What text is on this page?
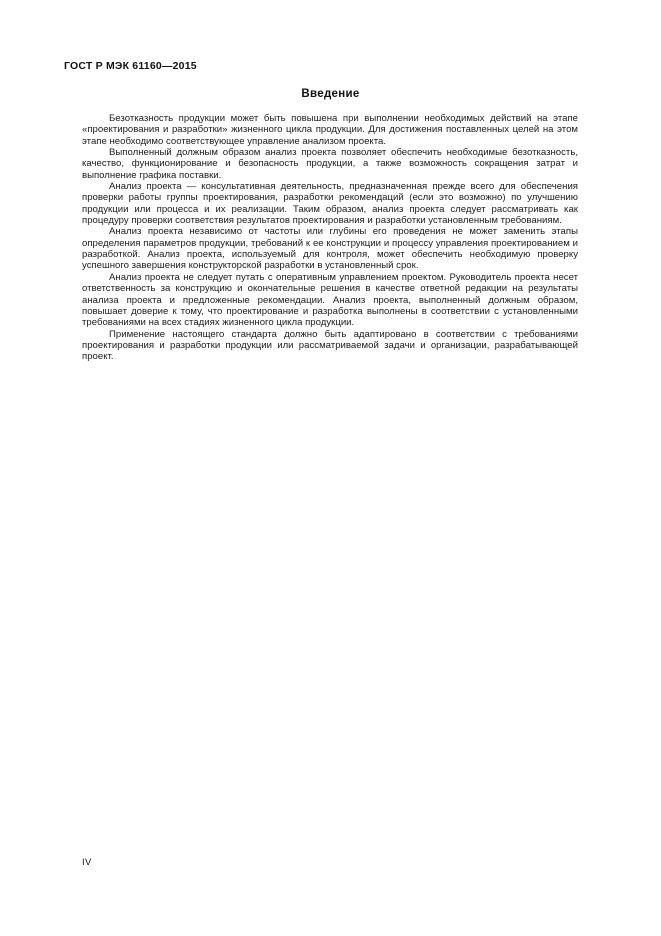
ГОСТ Р МЭК 61160—2015
Введение

Безотказность продукции может быть повышена при выполнении необходимых действий на этапе «проектирования и разработки» жизненного цикла продукции. Для достижения поставленных целей на этом этапе необходимо соответствующее управление анализом проекта.

Выполненный должным образом анализ проекта позволяет обеспечить необходимые безотказность, качество, функционирование и безопасность продукции, а также возможность сокращения затрат и выполнение графика поставки.

Анализ проекта — консультативная деятельность, предназначенная прежде всего для обеспечения проверки работы группы проектирования, разработки рекомендаций (если это возможно) по улучшению продукции или процесса и их реализации. Таким образом, анализ проекта следует рассматривать как процедуру проверки соответствия результатов проектирования и разработки установленным требованиям.

Анализ проекта независимо от частоты или глубины его проведения не может заменить этапы определения параметров продукции, требований к ее конструкции и процессу управления проектированием и разработкой. Анализ проекта, используемый для контроля, может обеспечить необходимую проверку успешного завершения конструкторской разработки в установленный срок.

Анализ проекта не следует путать с оперативным управлением проектом. Руководитель проекта несет ответственность за конструкцию и окончательные решения в качестве ответной редакции на результаты анализа проекта и предложенные рекомендации. Анализ проекта, выполненный должным образом, повышает доверие к тому, что проектирование и разработка выполнены в соответствии с установленными требованиями на всех стадиях жизненного цикла продукции.

Применение настоящего стандарта должно быть адаптировано в соответствии с требованиями проектирования и разработки продукции или рассматриваемой задачи и организации, разрабатывающей проект.

IV
